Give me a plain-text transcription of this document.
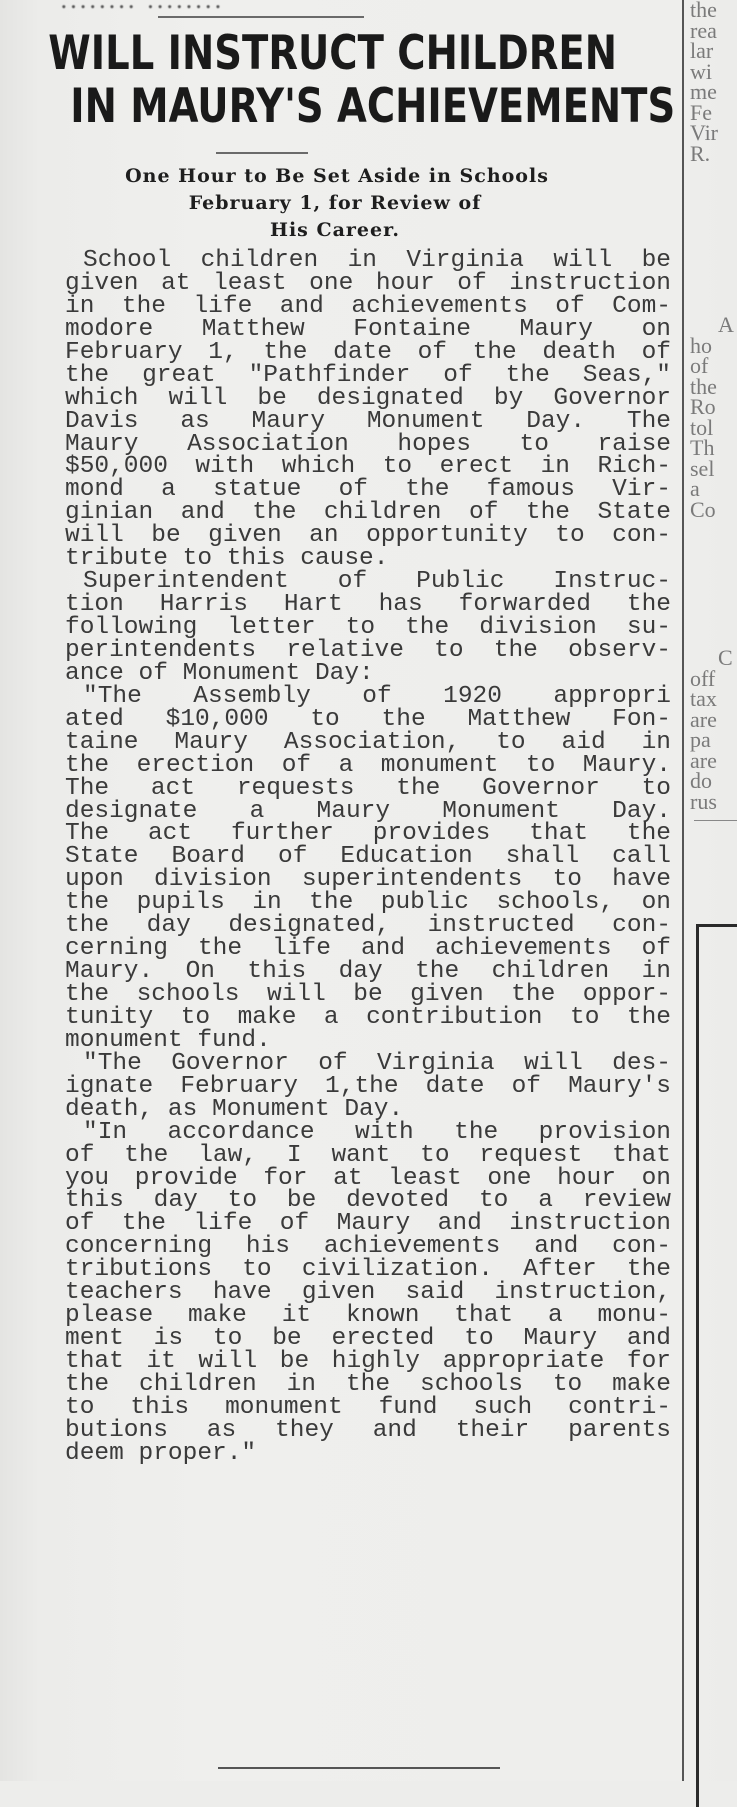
........ ........
WILL INSTRUCT CHILDREN
IN MAURY'S ACHIEVEMENTS
One Hour to Be Set Aside in Schools
February 1, for Review of
His Career.
School children in Virginia will be
given at least one hour of instruction
in the life and achievements of Com-
modore Matthew Fontaine Maury on
February 1, the date of the death of
the great "Pathfinder of the Seas,"
which will be designated by Governor
Davis as Maury Monument Day. The
Maury Association hopes to raise
$50,000 with which to erect in Rich-
mond a statue of the famous Vir-
ginian and the children of the State
will be given an opportunity to con-
tribute to this cause.
Superintendent of Public Instruc-
tion Harris Hart has forwarded the
following letter to the division su-
perintendents relative to the observ-
ance of Monument Day:
"The Assembly of 1920 appropri
ated $10,000 to the Matthew Fon-
taine Maury Association, to aid in
the erection of a monument to Maury.
The act requests the Governor to
designate a Maury Monument Day.
The act further provides that the
State Board of Education shall call
upon division superintendents to have
the pupils in the public schools, on
the day designated, instructed con-
cerning the life and achievements of
Maury. On this day the children in
the schools will be given the oppor-
tunity to make a contribution to the
monument fund.
"The Governor of Virginia will des-
ignate February 1,the date of Maury's
death, as Monument Day.
"In accordance with the provision
of the law, I want to request that
you provide for at least one hour on
this day to be devoted to a review
of the life of Maury and instruction
concerning his achievements and con-
tributions to civilization. After the
teachers have given said instruction,
please make it known that a monu-
ment is to be erected to Maury and
that it will be highly appropriate for
the children in the schools to make
to this monument fund such contri-
butions as they and their parents
deem proper."
the
rea
lar
wi
me
Fe
Vir
R.
A
ho
of
the
Ro
tol
Th
sel
a
Co
C
off
tax
are
pa
are
do
rus
